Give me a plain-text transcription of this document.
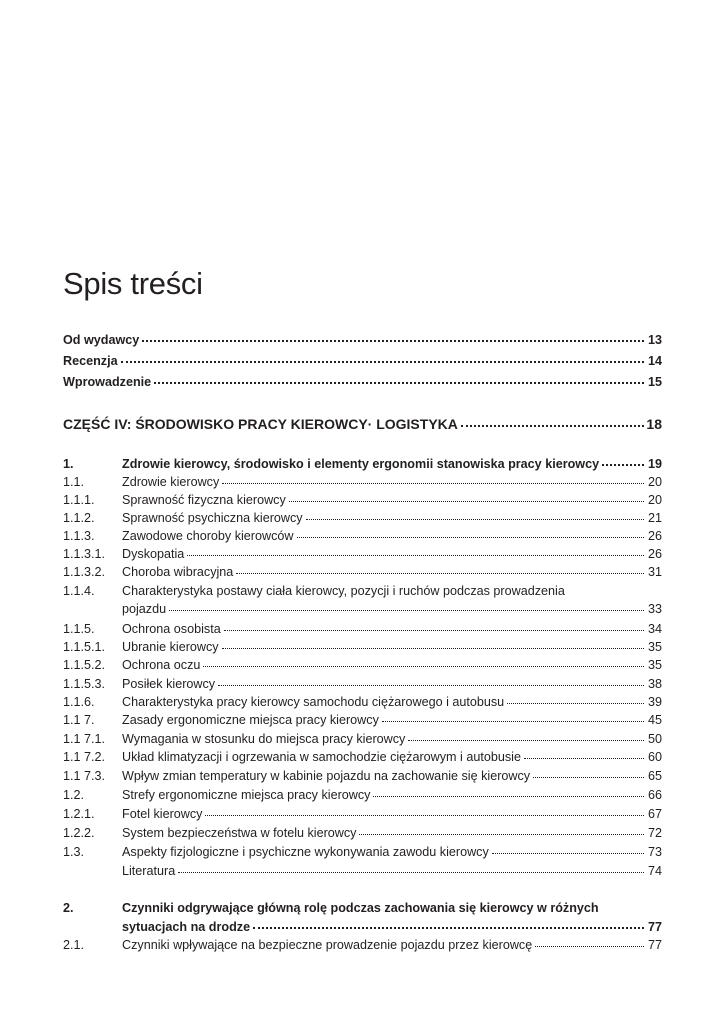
Spis treści
Od wydawcy	13
Recenzja	14
Wprowadzenie	15
CZĘŚĆ IV: ŚRODOWISKO PRACY KIEROWCY· LOGISTYKA	18
1.	Zdrowie kierowcy, środowisko i elementy ergonomii stanowiska pracy kierowcy	19
1.1.	Zdrowie kierowcy	20
1.1.1.	Sprawność fizyczna kierowcy	20
1.1.2.	Sprawność psychiczna kierowcy	21
1.1.3.	Zawodowe choroby kierowców	26
1.1.3.1.	Dyskopatia	26
1.1.3.2.	Choroba wibracyjna	31
1.1.4.	Charakterystyka postawy ciała kierowcy, pozycji i ruchów podczas prowadzenia
pojazdu	33
1.1.5.	Ochrona osobista	34
1.1.5.1.	Ubranie kierowcy	35
1.1.5.2.	Ochrona oczu	35
1.1.5.3.	Posiłek kierowcy	38
1.1.6.	Charakterystyka pracy kierowcy samochodu ciężarowego i autobusu	39
1.1 7.	Zasady ergonomiczne miejsca pracy kierowcy	45
1.1 7.1.	Wymagania w stosunku do miejsca pracy kierowcy	50
1.1 7.2.	Układ klimatyzacji i ogrzewania w samochodzie ciężarowym i autobusie	60
1.1 7.3.	Wpływ zmian temperatury w kabinie pojazdu na zachowanie się kierowcy	65
1.2.	Strefy ergonomiczne miejsca pracy kierowcy	66
1.2.1.	Fotel kierowcy	67
1.2.2.	System bezpieczeństwa w fotelu kierowcy	72
1.3.	Aspekty fizjologiczne i psychiczne wykonywania zawodu kierowcy	73
Literatura	74
2.	Czynniki odgrywające główną rolę podczas zachowania się kierowcy w różnych
sytuacjach na drodze	77
2.1.	Czynniki wpływające na bezpieczne prowadzenie pojazdu przez kierowcę	77
